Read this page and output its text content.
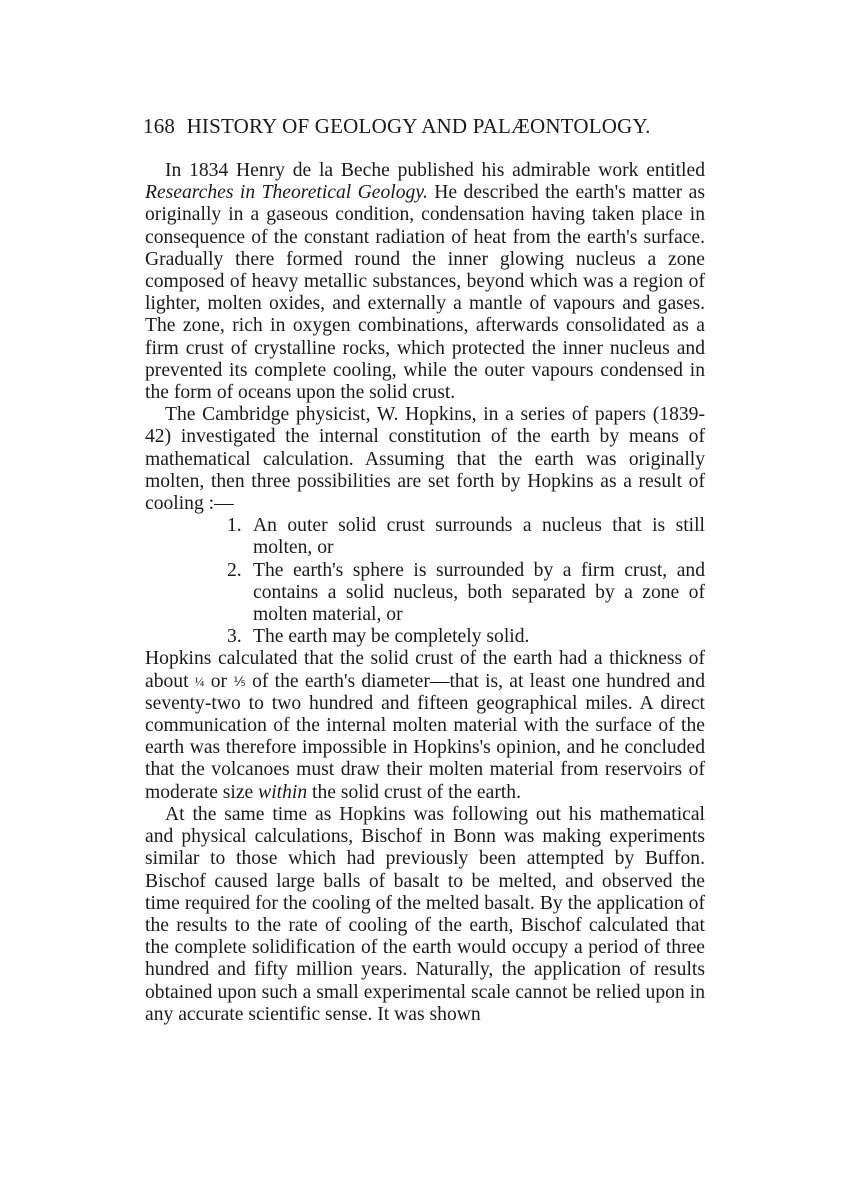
168 HISTORY OF GEOLOGY AND PALÆONTOLOGY.

In 1834 Henry de la Beche published his admirable work entitled Researches in Theoretical Geology. He described the earth's matter as originally in a gaseous condition, condensation having taken place in consequence of the constant radiation of heat from the earth's surface. Gradually there formed round the inner glowing nucleus a zone composed of heavy metallic substances, beyond which was a region of lighter, molten oxides, and externally a mantle of vapours and gases. The zone, rich in oxygen combinations, afterwards consolidated as a firm crust of crystalline rocks, which protected the inner nucleus and prevented its complete cooling, while the outer vapours condensed in the form of oceans upon the solid crust.

The Cambridge physicist, W. Hopkins, in a series of papers (1839-42) investigated the internal constitution of the earth by means of mathematical calculation. Assuming that the earth was originally molten, then three possibilities are set forth by Hopkins as a result of cooling :—

1. An outer solid crust surrounds a nucleus that is still molten, or
2. The earth's sphere is surrounded by a firm crust, and contains a solid nucleus, both separated by a zone of molten material, or
3. The earth may be completely solid.

Hopkins calculated that the solid crust of the earth had a thickness of about ¼ or ⅕ of the earth's diameter—that is, at least one hundred and seventy-two to two hundred and fifteen geographical miles. A direct communication of the internal molten material with the surface of the earth was therefore impossible in Hopkins's opinion, and he concluded that the volcanoes must draw their molten material from reservoirs of moderate size within the solid crust of the earth.

At the same time as Hopkins was following out his mathematical and physical calculations, Bischof in Bonn was making experiments similar to those which had previously been attempted by Buffon. Bischof caused large balls of basalt to be melted, and observed the time required for the cooling of the melted basalt. By the application of the results to the rate of cooling of the earth, Bischof calculated that the complete solidification of the earth would occupy a period of three hundred and fifty million years. Naturally, the application of results obtained upon such a small experimental scale cannot be relied upon in any accurate scientific sense. It was shown
